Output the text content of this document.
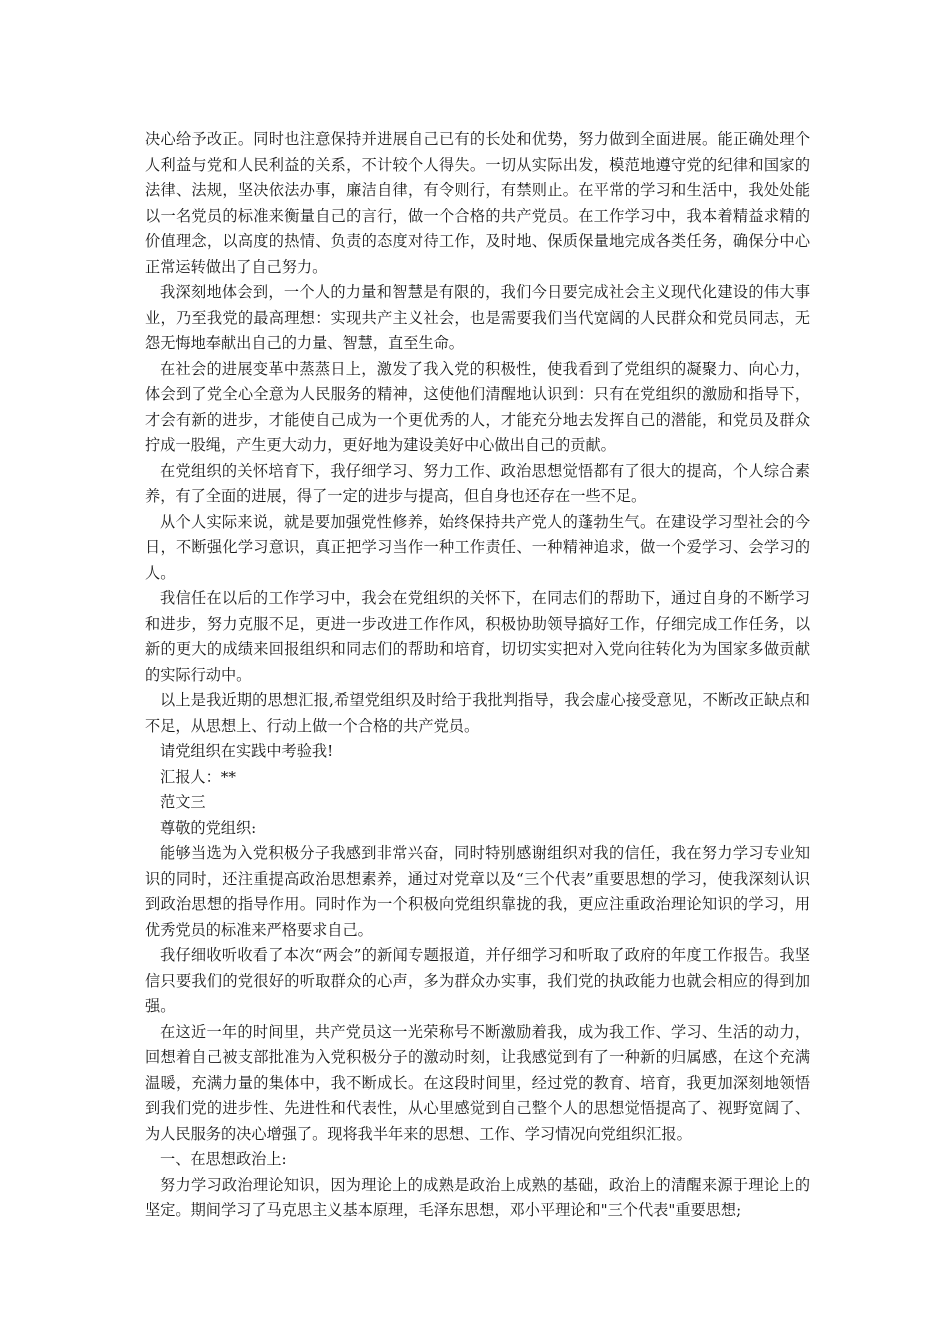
决心给予改正。同时也注意保持并进展自己已有的长处和优势，努力做到全面进展。能正确处理个人利益与党和人民利益的关系，不计较个人得失。一切从实际出发，模范地遵守党的纪律和国家的法律、法规，坚决依法办事，廉洁自律，有令则行，有禁则止。在平常的学习和生活中，我处处能以一名党员的标准来衡量自己的言行，做一个合格的共产党员。在工作学习中，我本着精益求精的价值理念，以高度的热情、负责的态度对待工作，及时地、保质保量地完成各类任务，确保分中心正常运转做出了自己努力。

我深刻地体会到，一个人的力量和智慧是有限的，我们今日要完成社会主义现代化建设的伟大事业，乃至我党的最高理想：实现共产主义社会，也是需要我们当代宽阔的人民群众和党员同志，无怨无悔地奉献出自己的力量、智慧，直至生命。

在社会的进展变革中蒸蒸日上，激发了我入党的积极性，使我看到了党组织的凝聚力、向心力，体会到了党全心全意为人民服务的精神，这使他们清醒地认识到：只有在党组织的激励和指导下，才会有新的进步，才能使自己成为一个更优秀的人，才能充分地去发挥自己的潜能，和党员及群众拧成一股绳，产生更大动力，更好地为建设美好中心做出自己的贡献。

在党组织的关怀培育下，我仔细学习、努力工作、政治思想觉悟都有了很大的提高，个人综合素养，有了全面的进展，得了一定的进步与提高，但自身也还存在一些不足。

从个人实际来说，就是要加强党性修养，始终保持共产党人的蓬勃生气。在建设学习型社会的今日，不断强化学习意识，真正把学习当作一种工作责任、一种精神追求，做一个爱学习、会学习的人。

我信任在以后的工作学习中，我会在党组织的关怀下，在同志们的帮助下，通过自身的不断学习和进步，努力克服不足，更进一步改进工作作风，积极协助领导搞好工作，仔细完成工作任务，以新的更大的成绩来回报组织和同志们的帮助和培育，切切实实把对入党向往转化为为国家多做贡献的实际行动中。

以上是我近期的思想汇报,希望党组织及时给于我批判指导，我会虚心接受意见，不断改正缺点和不足，从思想上、行动上做一个合格的共产党员。

请党组织在实践中考验我!

汇报人：**

范文三

尊敬的党组织:

能够当选为入党积极分子我感到非常兴奋，同时特别感谢组织对我的信任，我在努力学习专业知识的同时，还注重提高政治思想素养，通过对党章以及“三个代表”重要思想的学习，使我深刻认识到政治思想的指导作用。同时作为一个积极向党组织靠拢的我，更应注重政治理论知识的学习，用优秀党员的标准来严格要求自己。

我仔细收听收看了本次“两会”的新闻专题报道，并仔细学习和听取了政府的年度工作报告。我坚信只要我们的党很好的听取群众的心声，多为群众办实事，我们党的执政能力也就会相应的得到加强。

在这近一年的时间里，共产党员这一光荣称号不断激励着我，成为我工作、学习、生活的动力，回想着自己被支部批准为入党积极分子的激动时刻，让我感觉到有了一种新的归属感，在这个充满温暖，充满力量的集体中，我不断成长。在这段时间里，经过党的教育、培育，我更加深刻地领悟到我们党的进步性、先进性和代表性，从心里感觉到自己整个人的思想觉悟提高了、视野宽阔了、为人民服务的决心增强了。现将我半年来的思想、工作、学习情况向党组织汇报。

一、在思想政治上:

努力学习政治理论知识，因为理论上的成熟是政治上成熟的基础，政治上的清醒来源于理论上的坚定。期间学习了马克思主义基本原理，毛泽东思想，邓小平理论和"三个代表"重要思想;
